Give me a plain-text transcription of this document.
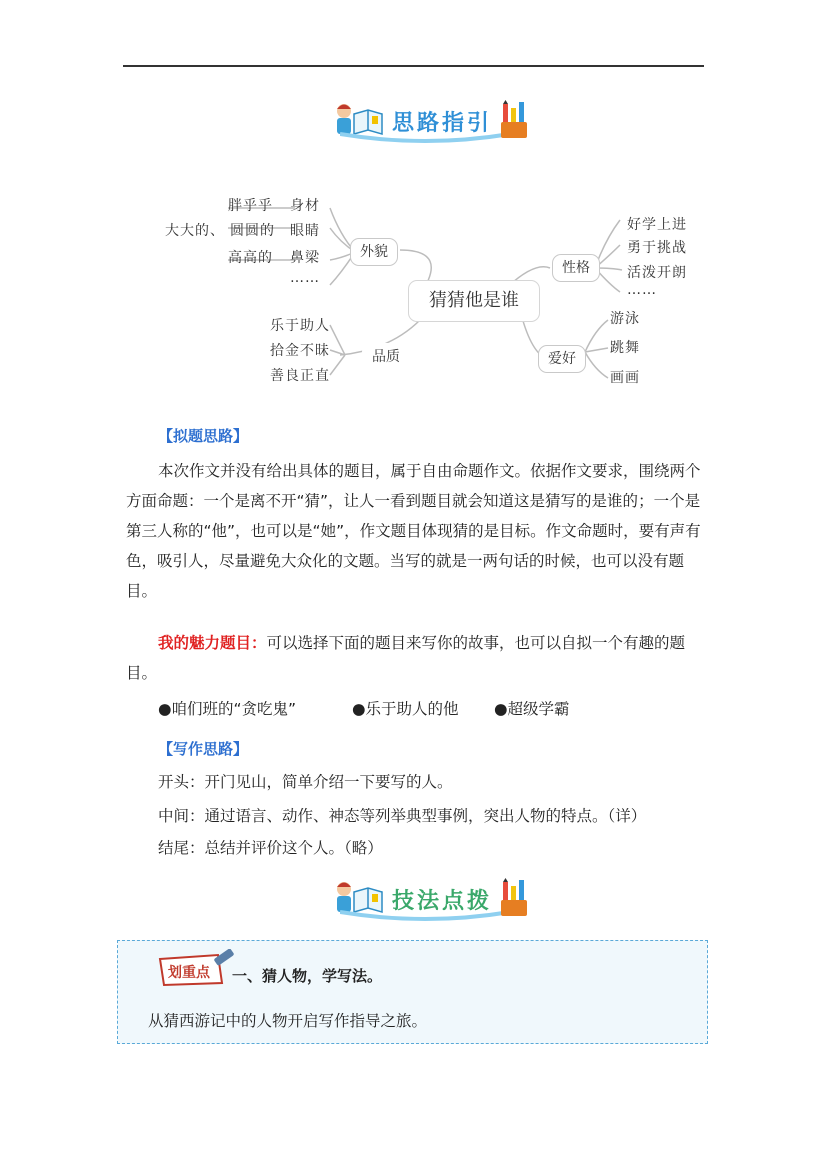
思路指引
胖乎乎
大大的、 圆圆的
高高的
身材
眼睛
鼻梁
……
外貌
猜猜他是谁
乐于助人
拾金不昧
善良正直
品质
好学上进
勇于挑战
活泼开朗
……
性格
游泳
跳舞
画画
爱好
【拟题思路】
本次作文并没有给出具体的题目，属于自由命题作文。依据作文要求，围绕两个方面命题：一个是离不开“猜”，让人一看到题目就会知道这是猜写的是谁的；一个是第三人称的“他”，也可以是“她”，作文题目体现猜的是目标。作文命题时，要有声有色，吸引人，尽量避免大众化的文题。当写的就是一两句话的时候，也可以没有题目。
我的魅力题目：可以选择下面的题目来写你的故事，也可以自拟一个有趣的题目。
●咱们班的“贪吃鬼”	●乐于助人的他 ●超级学霸
【写作思路】
开头：开门见山，简单介绍一下要写的人。
中间：通过语言、动作、神态等列举典型事例，突出人物的特点。（详）
结尾：总结并评价这个人。（略）
技法点拨
划重点 一、猜人物，学写法。
从猜西游记中的人物开启写作指导之旅。
